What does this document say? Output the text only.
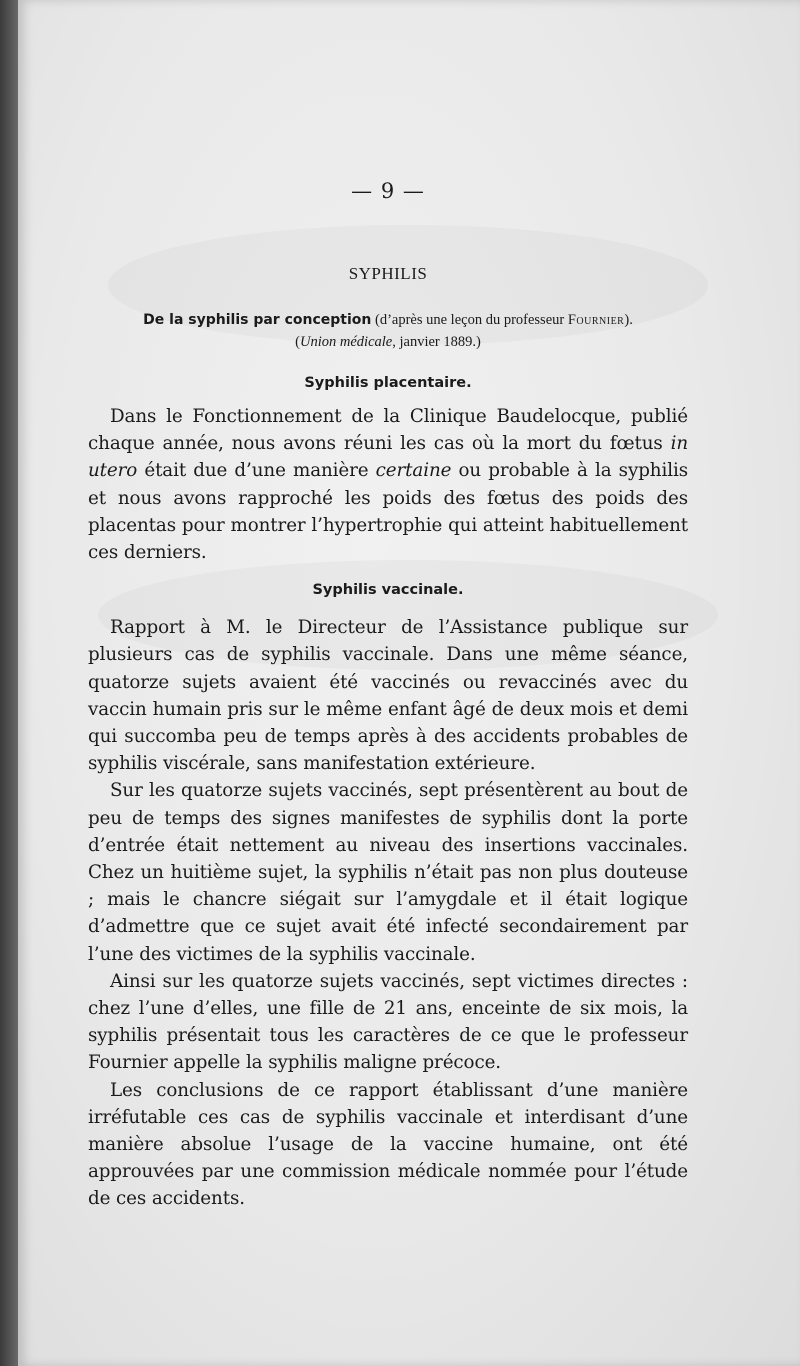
— 9 —
SYPHILIS
De la syphilis par conception (d’après une leçon du professeur Fournier).
(Union médicale, janvier 1889.)
Syphilis placentaire.

Dans le Fonctionnement de la Clinique Baudelocque, publié chaque année, nous avons réuni les cas où la mort du fœtus in utero était due d’une manière certaine ou probable à la syphilis et nous avons rapproché les poids des fœtus des poids des placentas pour montrer l’hypertrophie qui atteint habituellement ces derniers.

Syphilis vaccinale.

Rapport à M. le Directeur de l’Assistance publique sur plusieurs cas de syphilis vaccinale. Dans une même séance, quatorze sujets avaient été vaccinés ou revaccinés avec du vaccin humain pris sur le même enfant âgé de deux mois et demi qui succomba peu de temps après à des accidents probables de syphilis viscérale, sans manifestation extérieure.

Sur les quatorze sujets vaccinés, sept présentèrent au bout de peu de temps des signes manifestes de syphilis dont la porte d’entrée était nettement au niveau des insertions vaccinales. Chez un huitième sujet, la syphilis n’était pas non plus douteuse ; mais le chancre siégait sur l’amygdale et il était logique d’admettre que ce sujet avait été infecté secondairement par l’une des victimes de la syphilis vaccinale.

Ainsi sur les quatorze sujets vaccinés, sept victimes directes : chez l’une d’elles, une fille de 21 ans, enceinte de six mois, la syphilis présentait tous les caractères de ce que le professeur Fournier appelle la syphilis maligne précoce.

Les conclusions de ce rapport établissant d’une manière irréfutable ces cas de syphilis vaccinale et interdisant d’une manière absolue l’usage de la vaccine humaine, ont été approuvées par une commission médicale nommée pour l’étude de ces accidents.
